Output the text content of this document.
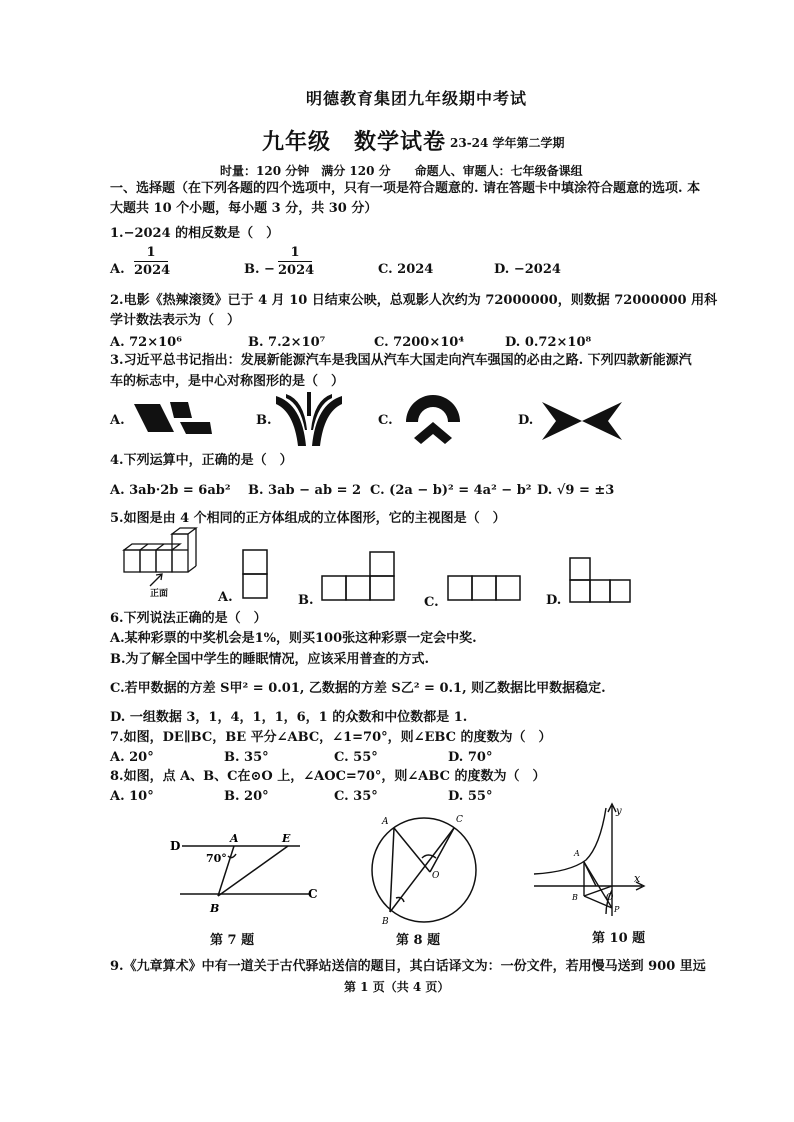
明德教育集团九年级期中考试
九年级　数学试卷 23-24 学年第二学期
时量：120 分钟　满分 120 分　　命题人、审题人：七年级备课组
一、选择题（在下列各题的四个选项中，只有一项是符合题意的. 请在答题卡中填涂符合题意的选项. 本
大题共 10 个小题，每小题 3 分，共 30 分）
1.−2024 的相反数是（　）
A. $\frac{1}{2024}$	B. − $\frac{1}{2024}$	C. 2024	D. −2024
2.电影《热辣滚烫》已于 4 月 10 日结束公映，总观影人次约为 72000000，则数据 72000000 用科
学计数法表示为（　）
A. 72×10⁶	B. 7.2×10⁷	C. 7200×10⁴	D. 0.72×10⁸
3.习近平总书记指出：发展新能源汽车是我国从汽车大国走向汽车强国的必由之路. 下列四款新能源汽
车的标志中，是中心对称图形的是（　）
A.	B.	C.	D.
4.下列运算中，正确的是（　）
A. 3ab·2b = 6ab² B. 3ab − ab = 2 C. (2a − b)² = 4a² − b² D. √9 = ±3
5.如图是由 4 个相同的正方体组成的立体图形，它的主视图是（　）
正面	A.	B.	C.	D.
6.下列说法正确的是（　）
A.某种彩票的中奖机会是1%，则买100张这种彩票一定会中奖.
B.为了解全国中学生的睡眠情况，应该采用普查的方式.
C.若甲数据的方差 S甲² = 0.01, 乙数据的方差 S乙² = 0.1, 则乙数据比甲数据稳定.
D. 一组数据 3，1，4，1，1，6，1 的众数和中位数都是 1.
7.如图，DE∥BC，BE 平分∠ABC，∠1=70°，则∠EBC 的度数为（　）
A. 20°	B. 35°	C. 55°	D. 70°
8.如图，点 A、B、C在⊙O 上，∠AOC=70°，则∠ABC 的度数为（　）
A. 10°	B. 20°	C. 35°	D. 55°
D
A	E
70°
B
C
第 7 题
A	C
O
B
第 8 题
y
x
A
B	O
P
第 10 题
9.《九章算术》中有一道关于古代驿站送信的题目，其白话译文为：一份文件，若用慢马送到 900 里远
第 1 页（共 4 页）
